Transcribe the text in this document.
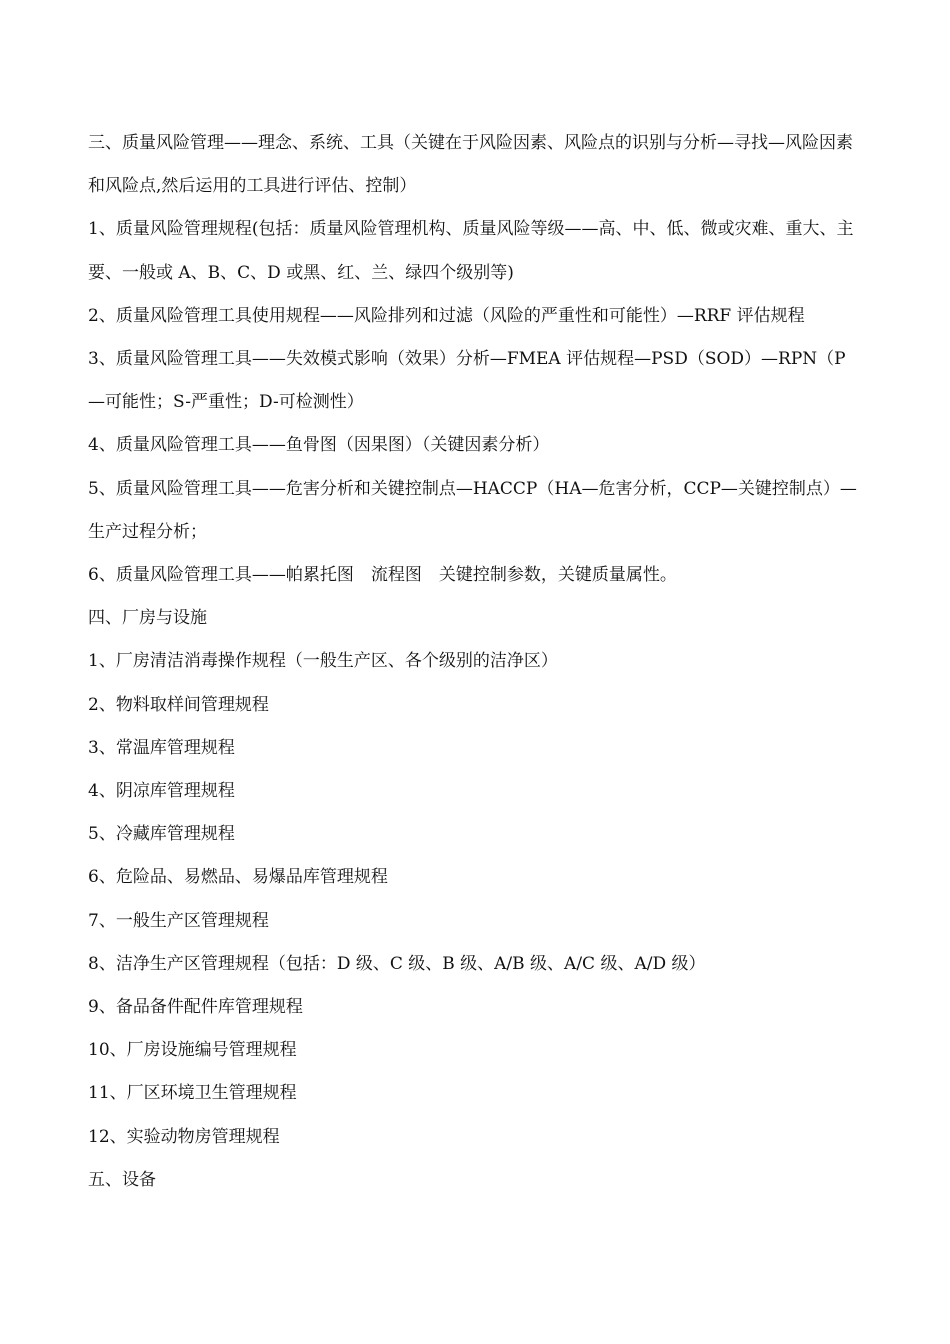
三、质量风险管理——理念、系统、工具（关键在于风险因素、风险点的识别与分析—寻找—风险因素和风险点,然后运用的工具进行评估、控制）

1、质量风险管理规程(包括：质量风险管理机构、质量风险等级——高、中、低、微或灾难、重大、主要、一般或 A、B、C、D 或黑、红、兰、绿四个级别等)

2、质量风险管理工具使用规程——风险排列和过滤（风险的严重性和可能性）—RRF 评估规程

3、质量风险管理工具——失效模式影响（效果）分析—FMEA 评估规程—PSD（SOD）—RPN（P—可能性；S-严重性；D-可检测性）

4、质量风险管理工具——鱼骨图（因果图）（关键因素分析）

5、质量风险管理工具——危害分析和关键控制点—HACCP（HA—危害分析，CCP—关键控制点）—生产过程分析；

6、质量风险管理工具——帕累托图　流程图　关键控制参数，关键质量属性。

四、厂房与设施

1、厂房清洁消毒操作规程（一般生产区、各个级别的洁净区）

2、物料取样间管理规程

3、常温库管理规程

4、阴凉库管理规程

5、冷藏库管理规程

6、危险品、易燃品、易爆品库管理规程

7、一般生产区管理规程

8、洁净生产区管理规程（包括：D 级、C 级、B 级、A/B 级、A/C 级、A/D 级）

9、备品备件配件库管理规程

10、厂房设施编号管理规程

11、厂区环境卫生管理规程

12、实验动物房管理规程

五、设备
